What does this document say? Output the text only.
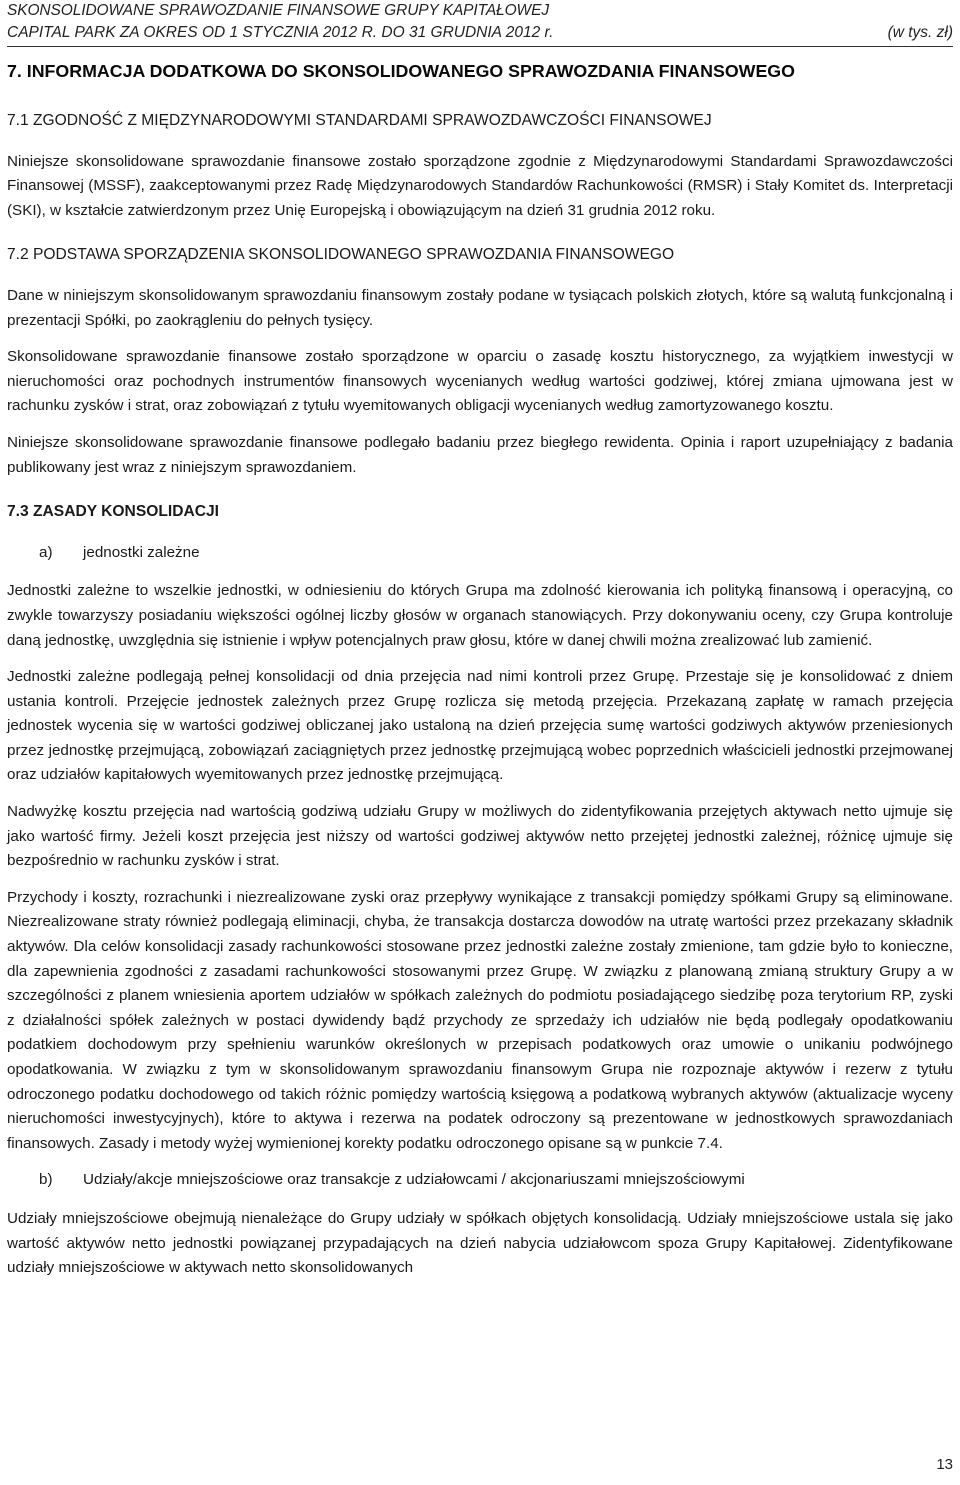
SKONSOLIDOWANE SPRAWOZDANIE FINANSOWE GRUPY KAPITAŁOWEJ
CAPITAL PARK ZA OKRES OD 1 STYCZNIA 2012 R. DO 31 GRUDNIA 2012 r.	(w tys. zł)
7. INFORMACJA DODATKOWA DO SKONSOLIDOWANEGO SPRAWOZDANIA FINANSOWEGO
7.1 ZGODNOŚĆ Z MIĘDZYNARODOWYMI STANDARDAMI SPRAWOZDAWCZOŚCI FINANSOWEJ

Niniejsze skonsolidowane sprawozdanie finansowe zostało sporządzone zgodnie z Międzynarodowymi Standardami Sprawozdawczości Finansowej (MSSF), zaakceptowanymi przez Radę Międzynarodowych Standardów Rachunkowości (RMSR) i Stały Komitet ds. Interpretacji (SKI), w kształcie zatwierdzonym przez Unię Europejską i obowiązującym na dzień 31 grudnia 2012 roku.

7.2 PODSTAWA SPORZĄDZENIA SKONSOLIDOWANEGO SPRAWOZDANIA FINANSOWEGO

Dane w niniejszym skonsolidowanym sprawozdaniu finansowym zostały podane w tysiącach polskich złotych, które są walutą funkcjonalną i prezentacji Spółki, po zaokrągleniu do pełnych tysięcy.

Skonsolidowane sprawozdanie finansowe zostało sporządzone w oparciu o zasadę kosztu historycznego, za wyjątkiem inwestycji w nieruchomości oraz pochodnych instrumentów finansowych wycenianych według wartości godziwej, której zmiana ujmowana jest w rachunku zysków i strat, oraz zobowiązań z tytułu wyemitowanych obligacji wycenianych według zamortyzowanego kosztu.

Niniejsze skonsolidowane sprawozdanie finansowe podlegało badaniu przez biegłego rewidenta. Opinia i raport uzupełniający z badania publikowany jest wraz z niniejszym sprawozdaniem.

7.3 ZASADY KONSOLIDACJI
a) jednostki zależne

Jednostki zależne to wszelkie jednostki, w odniesieniu do których Grupa ma zdolność kierowania ich polityką finansową i operacyjną, co zwykle towarzyszy posiadaniu większości ogólnej liczby głosów w organach stanowiących. Przy dokonywaniu oceny, czy Grupa kontroluje daną jednostkę, uwzględnia się istnienie i wpływ potencjalnych praw głosu, które w danej chwili można zrealizować lub zamienić.

Jednostki zależne podlegają pełnej konsolidacji od dnia przejęcia nad nimi kontroli przez Grupę. Przestaje się je konsolidować z dniem ustania kontroli. Przejęcie jednostek zależnych przez Grupę rozlicza się metodą przejęcia. Przekazaną zapłatę w ramach przejęcia jednostek wycenia się w wartości godziwej obliczanej jako ustaloną na dzień przejęcia sumę wartości godziwych aktywów przeniesionych przez jednostkę przejmującą, zobowiązań zaciągniętych przez jednostkę przejmującą wobec poprzednich właścicieli jednostki przejmowanej oraz udziałów kapitałowych wyemitowanych przez jednostkę przejmującą.

Nadwyżkę kosztu przejęcia nad wartością godziwą udziału Grupy w możliwych do zidentyfikowania przejętych aktywach netto ujmuje się jako wartość firmy. Jeżeli koszt przejęcia jest niższy od wartości godziwej aktywów netto przejętej jednostki zależnej, różnicę ujmuje się bezpośrednio w rachunku zysków i strat.

Przychody i koszty, rozrachunki i niezrealizowane zyski oraz przepływy wynikające z transakcji pomiędzy spółkami Grupy są eliminowane. Niezrealizowane straty również podlegają eliminacji, chyba, że transakcja dostarcza dowodów na utratę wartości przez przekazany składnik aktywów. Dla celów konsolidacji zasady rachunkowości stosowane przez jednostki zależne zostały zmienione, tam gdzie było to konieczne, dla zapewnienia zgodności z zasadami rachunkowości stosowanymi przez Grupę. W związku z planowaną zmianą struktury Grupy a w szczególności z planem wniesienia aportem udziałów w spółkach zależnych do podmiotu posiadającego siedzibę poza terytorium RP, zyski z działalności spółek zależnych w postaci dywidendy bądź przychody ze sprzedaży ich udziałów nie będą podlegały opodatkowaniu podatkiem dochodowym przy spełnieniu warunków określonych w przepisach podatkowych oraz umowie o unikaniu podwójnego opodatkowania. W związku z tym w skonsolidowanym sprawozdaniu finansowym Grupa nie rozpoznaje aktywów i rezerw z tytułu odroczonego podatku dochodowego od takich różnic pomiędzy wartością księgową a podatkową wybranych aktywów (aktualizacje wyceny nieruchomości inwestycyjnych), które to aktywa i rezerwa na podatek odroczony są prezentowane w jednostkowych sprawozdaniach finansowych. Zasady i metody wyżej wymienionej korekty podatku odroczonego opisane są w punkcie 7.4.

b) Udziały/akcje mniejszościowe oraz transakcje z udziałowcami / akcjonariuszami mniejszościowymi

Udziały mniejszościowe obejmują nienależące do Grupy udziały w spółkach objętych konsolidacją. Udziały mniejszościowe ustala się jako wartość aktywów netto jednostki powiązanej przypadających na dzień nabycia udziałowcom spoza Grupy Kapitałowej. Zidentyfikowane udziały mniejszościowe w aktywach netto skonsolidowanych

13
